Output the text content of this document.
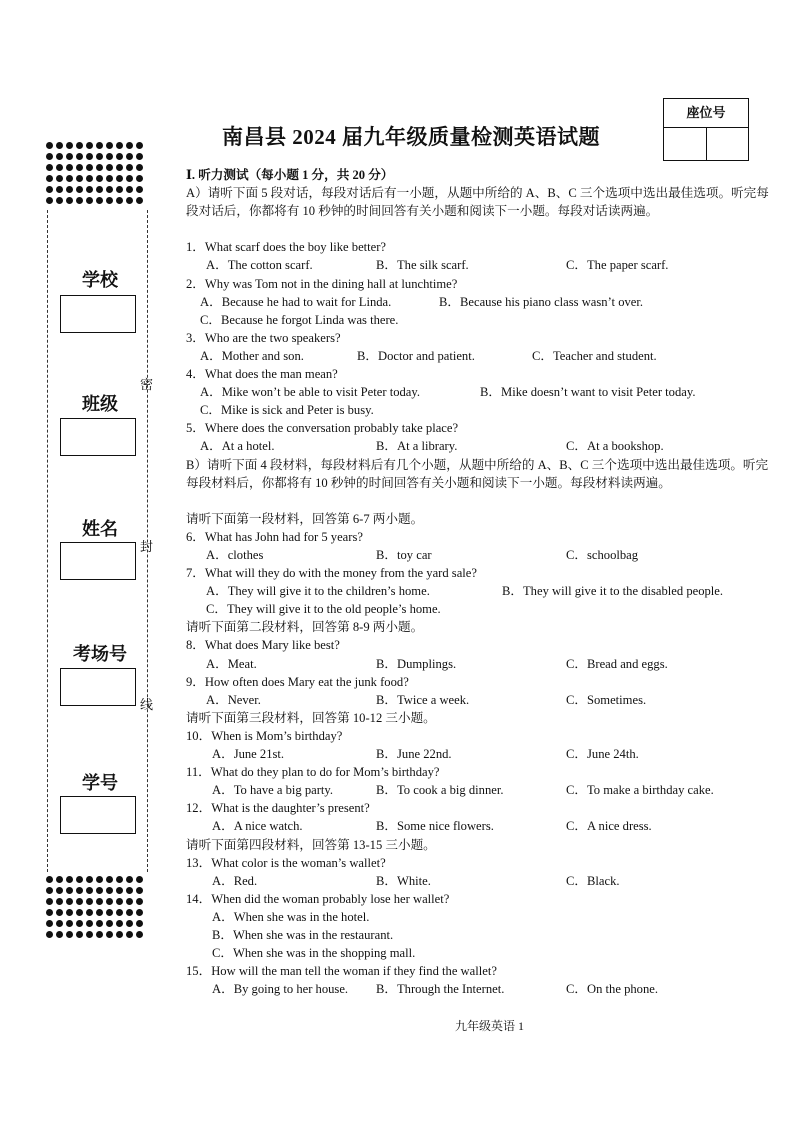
南昌县 2024 届九年级质量检测英语试题
座位号
学校
班级
姓名
考场号
学号
密
封
线
Ⅰ. 听力测试（每小题 1 分，共 20 分）
A）请听下面 5 段对话，每段对话后有一小题，从题中所给的 A、B、C 三个选项中选出最佳选项。听完每段对话后，你都将有 10 秒钟的时间回答有关小题和阅读下一小题。每段对话读两遍。
1．What scarf does the boy like better?
A．The cotton scarf.	B．The silk scarf.	C．The paper scarf.
2．Why was Tom not in the dining hall at lunchtime?
A．Because he had to wait for Linda.	B．Because his piano class wasn’t over.
C．Because he forgot Linda was there.
3．Who are the two speakers?
A．Mother and son.	B．Doctor and patient.	C．Teacher and student.
4．What does the man mean?
A．Mike won’t be able to visit Peter today.	B．Mike doesn’t want to visit Peter today.
C．Mike is sick and Peter is busy.
5．Where does the conversation probably take place?
A．At a hotel.	B．At a library.	C．At a bookshop.
B）请听下面 4 段材料，每段材料后有几个小题，从题中所给的 A、B、C 三个选项中选出最佳选项。听完每段材料后，你都将有 10 秒钟的时间回答有关小题和阅读下一小题。每段材料读两遍。
请听下面第一段材料，回答第 6-7 两小题。
6．What has John had for 5 years?
A．clothes	B．toy car	C．schoolbag
7．What will they do with the money from the yard sale?
A．They will give it to the children’s home.	B．They will give it to the disabled people.
C．They will give it to the old people’s home.
请听下面第二段材料，回答第 8-9 两小题。
8．What does Mary like best?
A．Meat.	B．Dumplings.	C．Bread and eggs.
9．How often does Mary eat the junk food?
A．Never.	B．Twice a week.	C．Sometimes.
请听下面第三段材料，回答第 10-12 三小题。
10．When is Mom’s birthday?
A．June 21st.	B．June 22nd.	C．June 24th.
11．What do they plan to do for Mom’s birthday?
A．To have a big party.	B．To cook a big dinner.	C．To make a birthday cake.
12．What is the daughter’s present?
A．A nice watch.	B．Some nice flowers.	C．A nice dress.
请听下面第四段材料，回答第 13-15 三小题。
13．What color is the woman’s wallet?
A．Red.	B．White.	C．Black.
14．When did the woman probably lose her wallet?
A．When she was in the hotel.
B．When she was in the restaurant.
C．When she was in the shopping mall.
15．How will the man tell the woman if they find the wallet?
A．By going to her house. B．Through the Internet.	C．On the phone.
九年级英语 1
